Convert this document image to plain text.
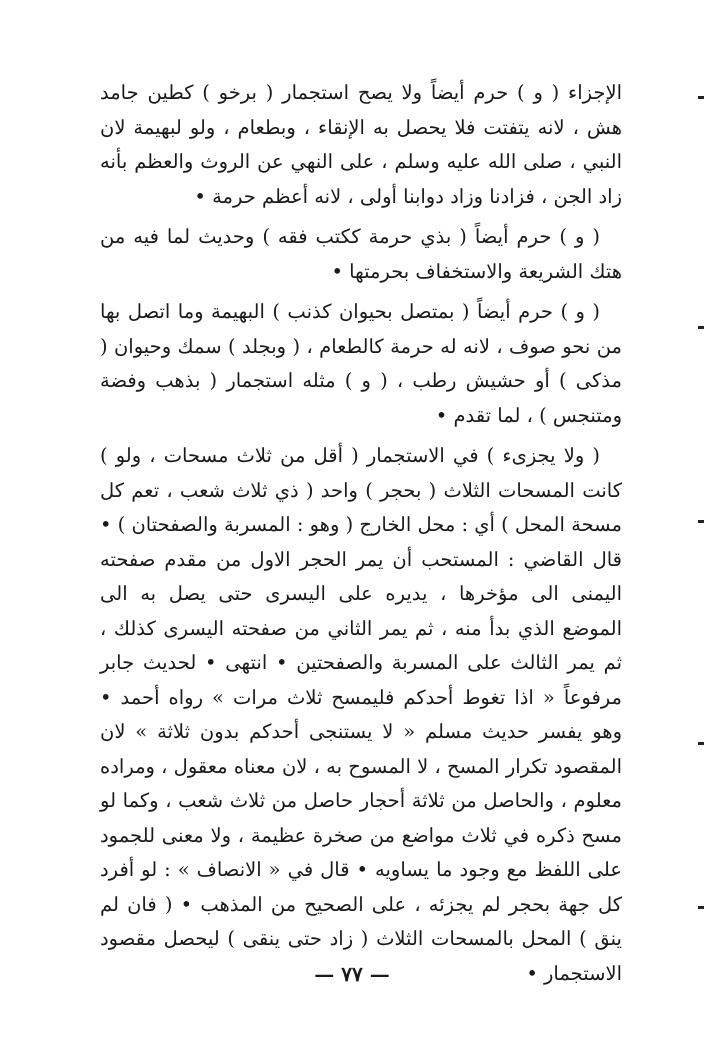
الإجزاء ( و ) حرم أيضاً ولا يصح استجمار ( برخو ) كطين جامد هش ، لانه يتفتت فلا يحصل به الإنقاء ، وبطعام ، ولو لبهيمة لان النبي ، صلى الله عليه وسلم ، على النهي عن الروث والعظم بأنه زاد الجن ، فزادنا وزاد دوابنا أولى ، لانه أعظم حرمة •

( و ) حرم أيضاً ( بذي حرمة ككتب فقه ) وحديث لما فيه من هتك الشريعة والاستخفاف بحرمتها •

( و ) حرم أيضاً ( بمتصل بحيوان كذنب ) البهيمة وما اتصل بها من نحو صوف ، لانه له حرمة كالطعام ، ( وبجلد ) سمك وحيوان ( مذكى ) أو حشيش رطب ، ( و ) مثله استجمار ( بذهب وفضة ومتنجس ) ، لما تقدم •

( ولا يجزىء ) في الاستجمار ( أقل من ثلاث مسحات ، ولو ) كانت المسحات الثلاث ( بحجر ) واحد ( ذي ثلاث شعب ، تعم كل مسحة المحل ) أي : محل الخارج ( وهو : المسربة والصفحتان ) • قال القاضي : المستحب أن يمر الحجر الاول من مقدم صفحته اليمنى الى مؤخرها ، يديره على اليسرى حتى يصل به الى الموضع الذي بدأ منه ، ثم يمر الثاني من صفحته اليسرى كذلك ، ثم يمر الثالث على المسربة والصفحتين • انتهى • لحديث جابر مرفوعاً « اذا تغوط أحدكم فليمسح ثلاث مرات » رواه أحمد • وهو يفسر حديث مسلم « لا يستنجى أحدكم بدون ثلاثة » لان المقصود تكرار المسح ، لا المسوح به ، لان معناه معقول ، ومراده معلوم ، والحاصل من ثلاثة أحجار حاصل من ثلاث شعب ، وكما لو مسح ذكره في ثلاث مواضع من صخرة عظيمة ، ولا معنى للجمود على اللفظ مع وجود ما يساويه • قال في « الانصاف » : لو أفرد كل جهة بحجر لم يجزئه ، على الصحيح من المذهب • ( فان لم ينق ) المحل بالمسحات الثلاث ( زاد حتى ينقى ) ليحصل مقصود الاستجمار •

— ٧٧ —
